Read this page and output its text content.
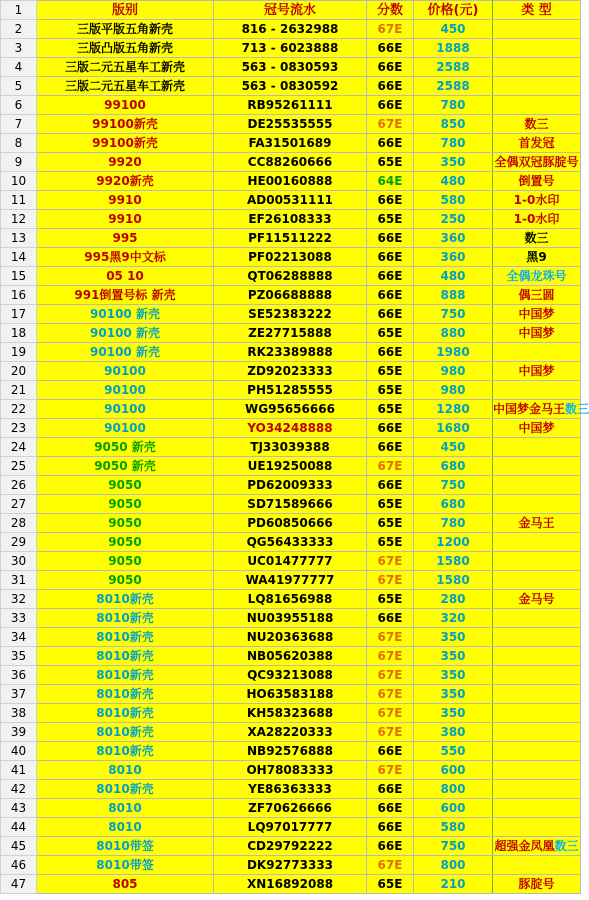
1	版别	冠号流水	分数	价格(元)	类 型
2	三版平版五角新壳	816 - 2632988	67E	450	
3	三版凸版五角新壳	713 - 6023888	66E	1888	
4	三版二元五星车工新壳	563 - 0830593	66E	2588	
5	三版二元五星车工新壳	563 - 0830592	66E	2588	
6	99100	RB95261111	66E	780	
7	99100新壳	DE25535555	67E	850	数三
8	99100新壳	FA31501689	66E	780	首发冠
9	9920	CC88260666	65E	350	全偶双冠豚腚号
10	9920新壳	HE00160888	64E	480	倒置号
11	9910	AD00531111	66E	580	1-0水印
12	9910	EF26108333	65E	250	1-0水印
13	995	PF11511222	66E	360	数三
14	995黑9中文标	PF02213088	66E	360	黑9
15	05 10	QT06288888	66E	480	全偶龙珠号
16	991倒置号标 新壳	PZ06688888	66E	888	偶三圆
17	90100 新壳	SE52383222	66E	750	中国梦
18	90100 新壳	ZE27715888	65E	880	中国梦
19	90100 新壳	RK23389888	66E	1980	
20	90100	ZD92023333	65E	980	中国梦
21	90100	PH51285555	65E	980	
22	90100	WG95656666	65E	1280	中国梦金马王数三
23	90100	YO34248888	66E	1680	中国梦
24	9050 新壳	TJ33039388	66E	450	
25	9050 新壳	UE19250088	67E	680	
26	9050	PD62009333	66E	750	
27	9050	SD71589666	65E	680	
28	9050	PD60850666	65E	780	金马王
29	9050	QG56433333	65E	1200	
30	9050	UC01477777	67E	1580	
31	9050	WA41977777	67E	1580	
32	8010新壳	LQ81656988	65E	280	金马号
33	8010新壳	NU03955188	66E	320	
34	8010新壳	NU20363688	67E	350	
35	8010新壳	NB05620388	67E	350	
36	8010新壳	QC93213088	67E	350	
37	8010新壳	HO63583188	67E	350	
38	8010新壳	KH58323688	67E	350	
39	8010新壳	XA28220333	67E	380	
40	8010新壳	NB92576888	66E	550	
41	8010	OH78083333	67E	600	
42	8010新壳	YE86363333	66E	800	
43	8010	ZF70626666	66E	600	
44	8010	LQ97017777	66E	580	
45	8010带签	CD29792222	66E	750	超强金凤凰数三
46	8010带签	DK92773333	67E	800	
47	805	XN16892088	65E	210	豚腚号
